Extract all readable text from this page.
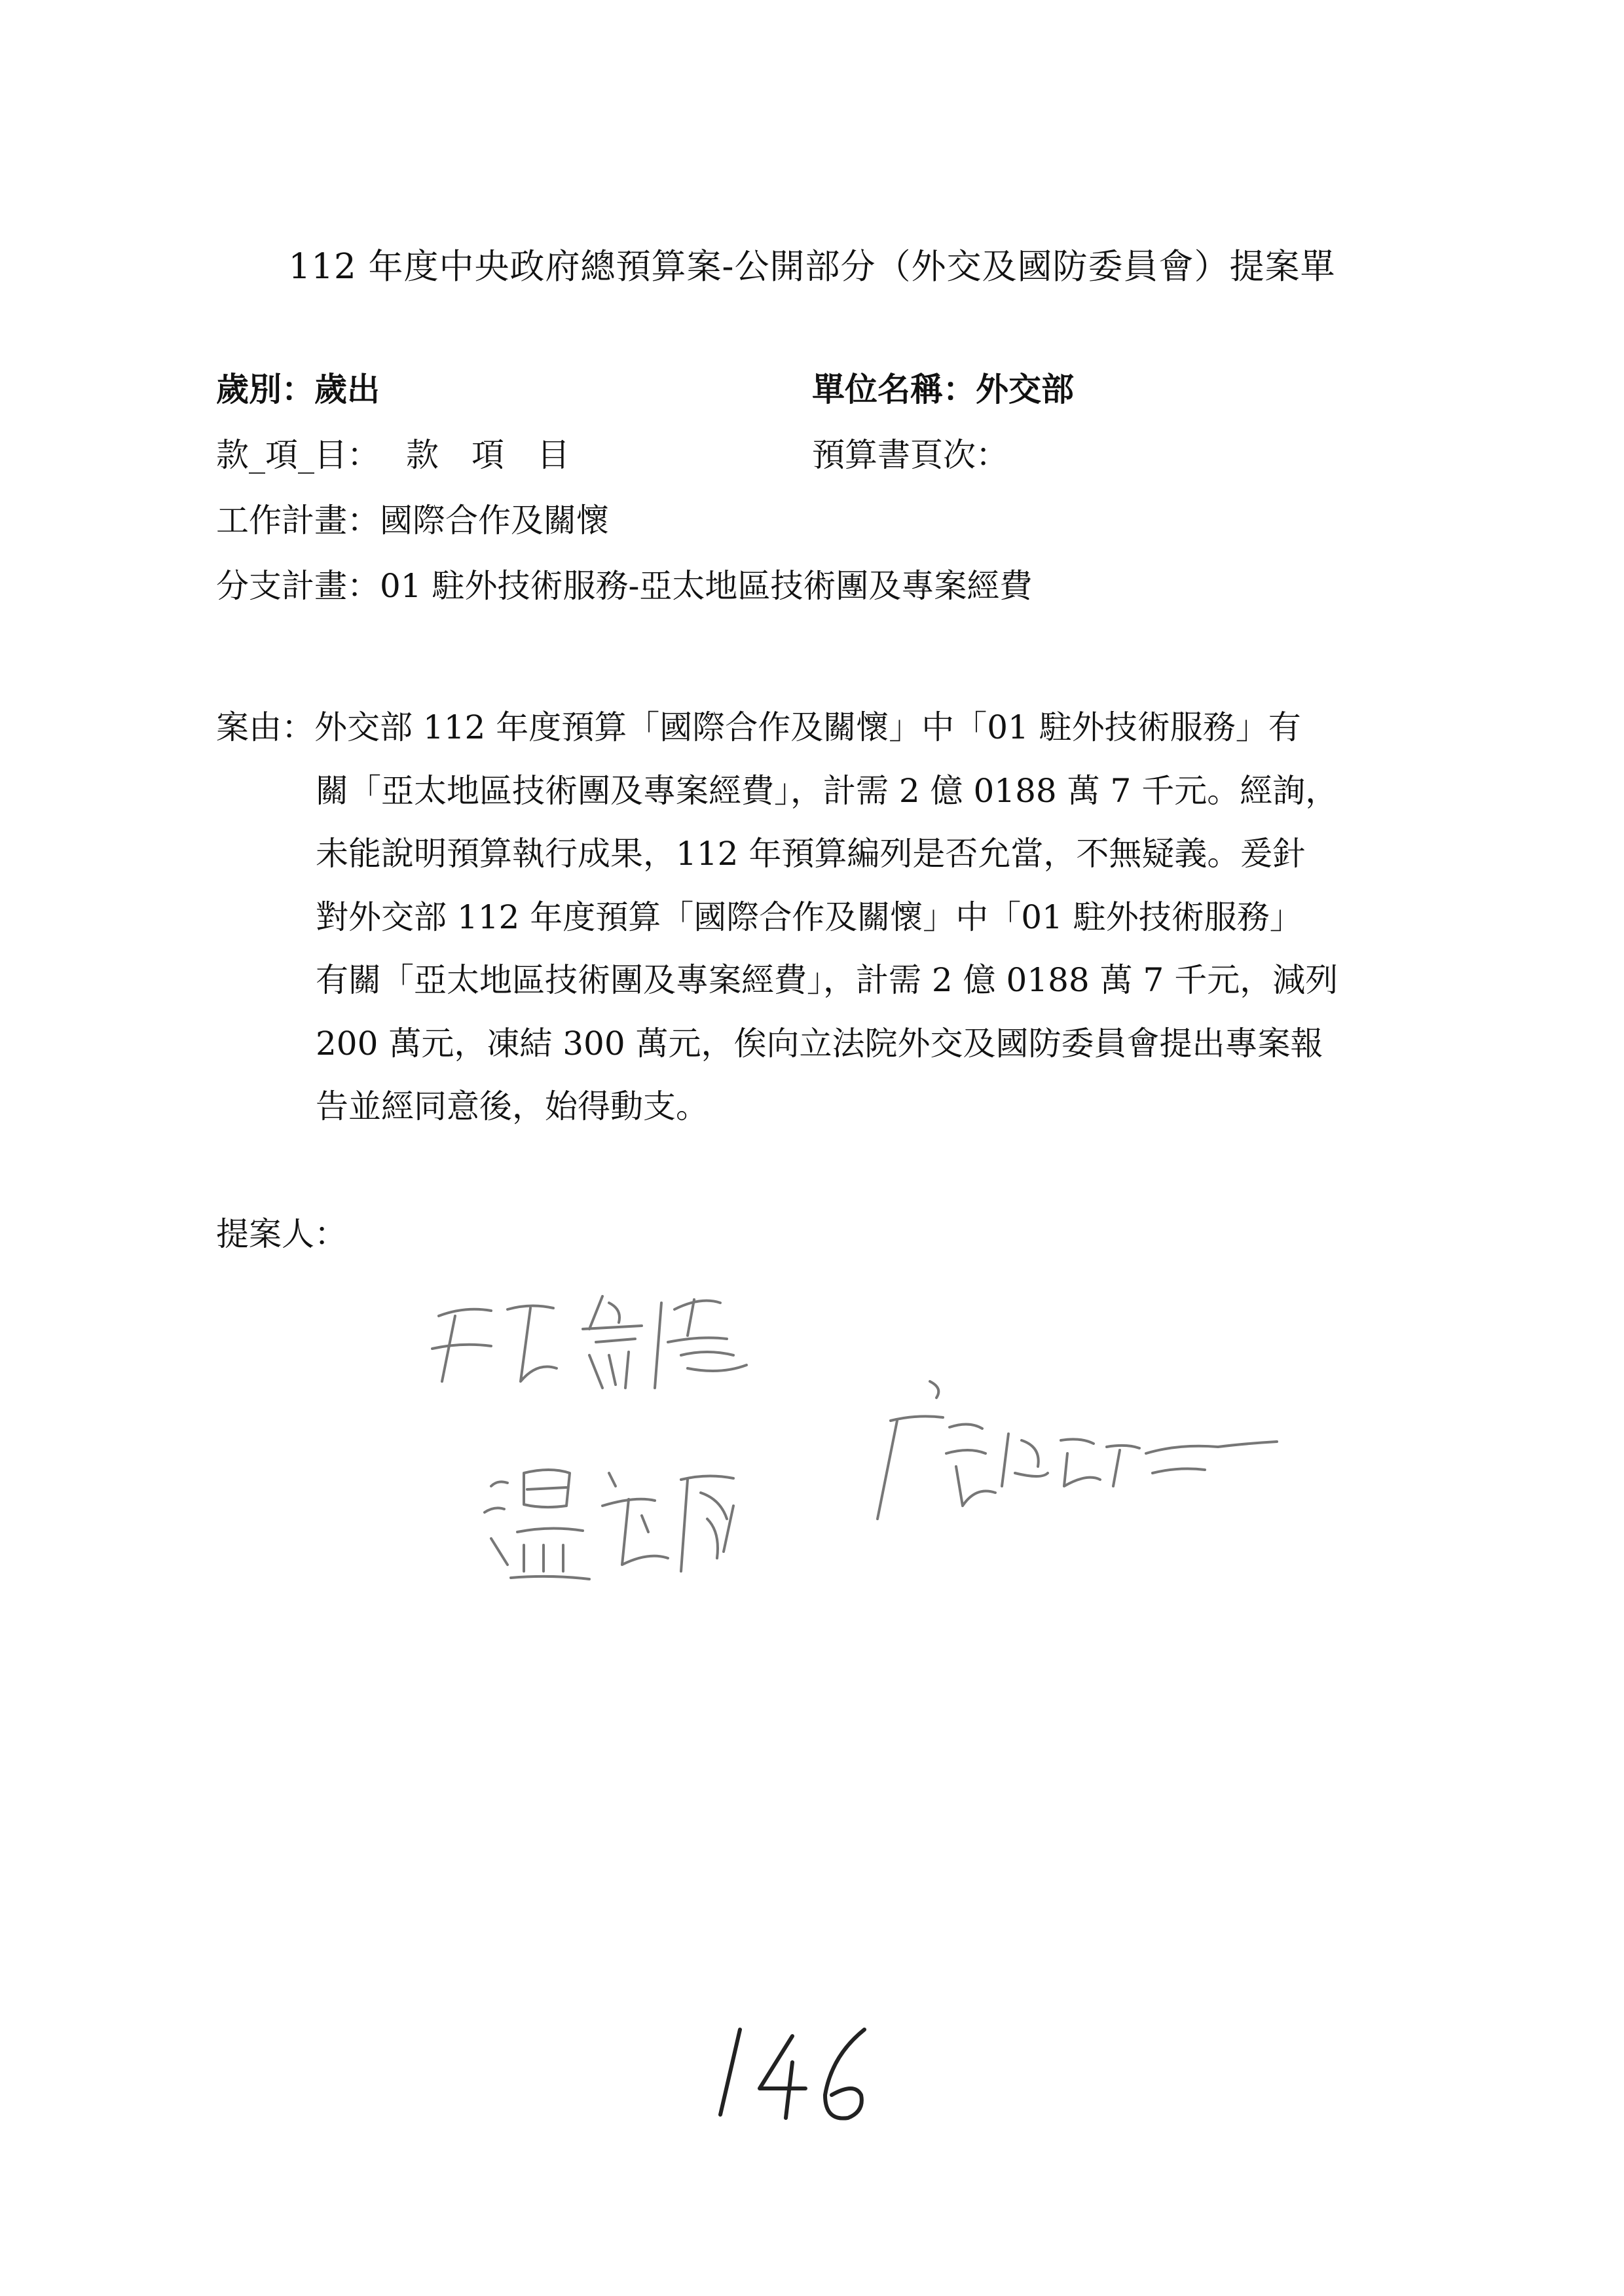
112 年度中央政府總預算案-公開部分（外交及國防委員會）提案單
歲別：歲出	單位名稱：外交部
款_項_目： 款　項　目	預算書頁次：
工作計畫：國際合作及關懷
分支計畫：01 駐外技術服務-亞太地區技術團及專案經費
案由：外交部 112 年度預算「國際合作及關懷」中「01 駐外技術服務」有
關「亞太地區技術團及專案經費」，計需 2 億 0188 萬 7 千元。經詢，
未能說明預算執行成果，112 年預算編列是否允當，不無疑義。爰針
對外交部 112 年度預算「國際合作及關懷」中「01 駐外技術服務」
有關「亞太地區技術團及專案經費」，計需 2 億 0188 萬 7 千元，減列
200 萬元，凍結 300 萬元，俟向立法院外交及國防委員會提出專案報
告並經同意後，始得動支。
提案人：
